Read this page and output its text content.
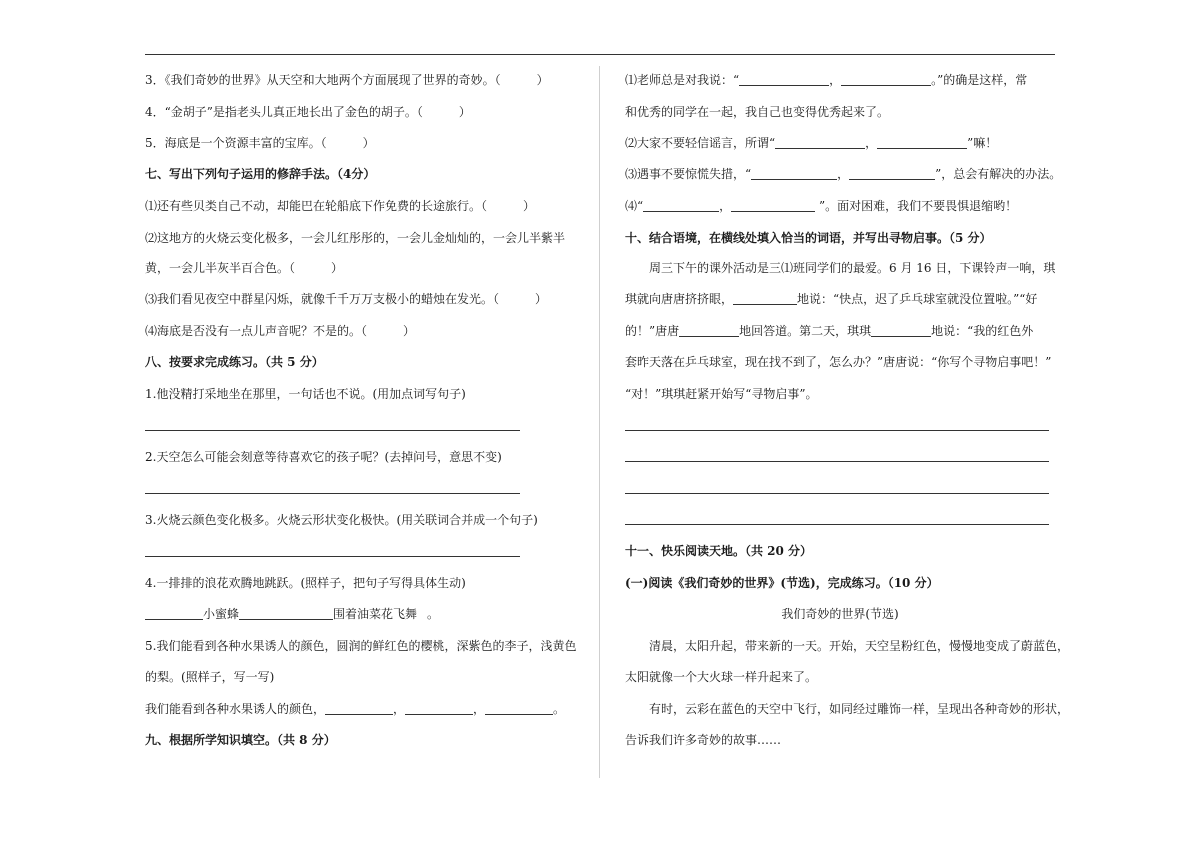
3．《我们奇妙的世界》从天空和大地两个方面展现了世界的奇妙。（　　　）
4．“金胡子”是指老头儿真正地长出了金色的胡子。（　　　）
5．海底是一个资源丰富的宝库。（　　　）
七、写出下列句子运用的修辞手法。（4分）
⑴还有些贝类自己不动，却能巴在轮船底下作免费的长途旅行。（　　　）
⑵这地方的火烧云变化极多，一会儿红彤彤的，一会儿金灿灿的，一会儿半紫半
黄，一会儿半灰半百合色。（　　　）
⑶我们看见夜空中群星闪烁，就像千千万万支极小的蜡烛在发光。（　　　）
⑷海底是否没有一点儿声音呢？不是的。（　　　）
八、按要求完成练习。（共 5 分）
1.他没精打采地坐在那里，一句话也不说。(用加点词写句子)
2.天空怎么可能会刻意等待喜欢它的孩子呢？(去掉问号，意思不变)
3.火烧云颜色变化极多。火烧云形状变化极快。(用关联词合并成一个句子)
4.一排排的浪花欢腾地跳跃。(照样子，把句子写得具体生动)
小蜜蜂	围着油菜花飞舞 。
5.我们能看到各种水果诱人的颜色，圆润的鲜红色的樱桃，深紫色的李子，浅黄色
的梨。(照样子，写一写)
我们能看到各种水果诱人的颜色，	，	，	。
九、根据所学知识填空。（共 8 分）
⑴老师总是对我说：“	，	。”的确是这样，常
和优秀的同学在一起，我自己也变得优秀起来了。
⑵大家不要轻信谣言，所谓“	，	”嘛！
⑶遇事不要惊慌失措，“	，	”，总会有解决的办法。
⑷“	，	”。面对困难，我们不要畏惧退缩哟！
十、结合语境，在横线处填入恰当的词语，并写出寻物启事。（5 分）
周三下午的课外活动是三⑴班同学们的最爱。6 月 16 日，下课铃声一响，琪
琪就向唐唐挤挤眼，	地说：“快点，迟了乒乓球室就没位置啦。”“好
的！”唐唐	地回答道。第二天，琪琪	地说：“我的红色外
套昨天落在乒乓球室，现在找不到了，怎么办？”唐唐说：“你写个寻物启事吧！”
“对！”琪琪赶紧开始写“寻物启事”。
十一、快乐阅读天地。（共 20 分）
(一)阅读《我们奇妙的世界》(节选)，完成练习。（10 分）
我们奇妙的世界(节选)
清晨，太阳升起，带来新的一天。开始，天空呈粉红色，慢慢地变成了蔚蓝色，
太阳就像一个大火球一样升起来了。
有时，云彩在蓝色的天空中飞行，如同经过雕饰一样，呈现出各种奇妙的形状，
告诉我们许多奇妙的故事……
